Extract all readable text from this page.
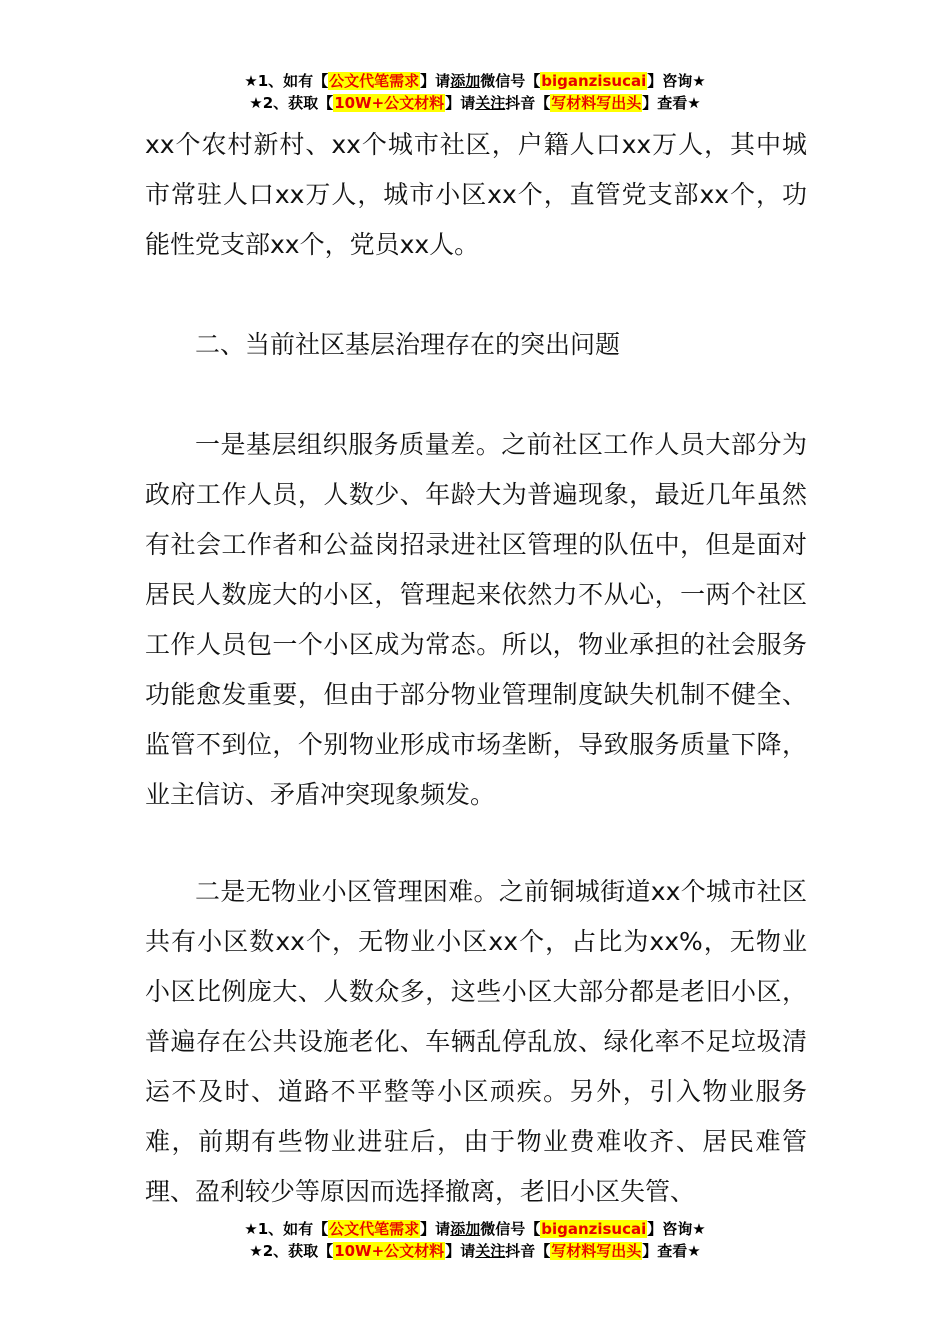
★1、如有【公文代笔需求】请添加微信号【biganzisucai】咨询★
★2、获取【10W+公文材料】请关注抖音【写材料写出头】查看★

xx个农村新村、xx个城市社区，户籍人口xx万人，其中城市常驻人口xx万人，城市小区xx个，直管党支部xx个，功能性党支部xx个，党员xx人。

二、当前社区基层治理存在的突出问题

一是基层组织服务质量差。之前社区工作人员大部分为政府工作人员，人数少、年龄大为普遍现象，最近几年虽然有社会工作者和公益岗招录进社区管理的队伍中，但是面对居民人数庞大的小区，管理起来依然力不从心，一两个社区工作人员包一个小区成为常态。所以，物业承担的社会服务功能愈发重要，但由于部分物业管理制度缺失机制不健全、监管不到位，个别物业形成市场垄断，导致服务质量下降，业主信访、矛盾冲突现象频发。

二是无物业小区管理困难。之前铜城街道xx个城市社区共有小区数xx个，无物业小区xx个，占比为xx%，无物业小区比例庞大、人数众多，这些小区大部分都是老旧小区，普遍存在公共设施老化、车辆乱停乱放、绿化率不足垃圾清运不及时、道路不平整等小区顽疾。另外，引入物业服务难，前期有些物业进驻后，由于物业费难收齐、居民难管理、盈利较少等原因而选择撤离，老旧小区失管、

★1、如有【公文代笔需求】请添加微信号【biganzisucai】咨询★
★2、获取【10W+公文材料】请关注抖音【写材料写出头】查看★
